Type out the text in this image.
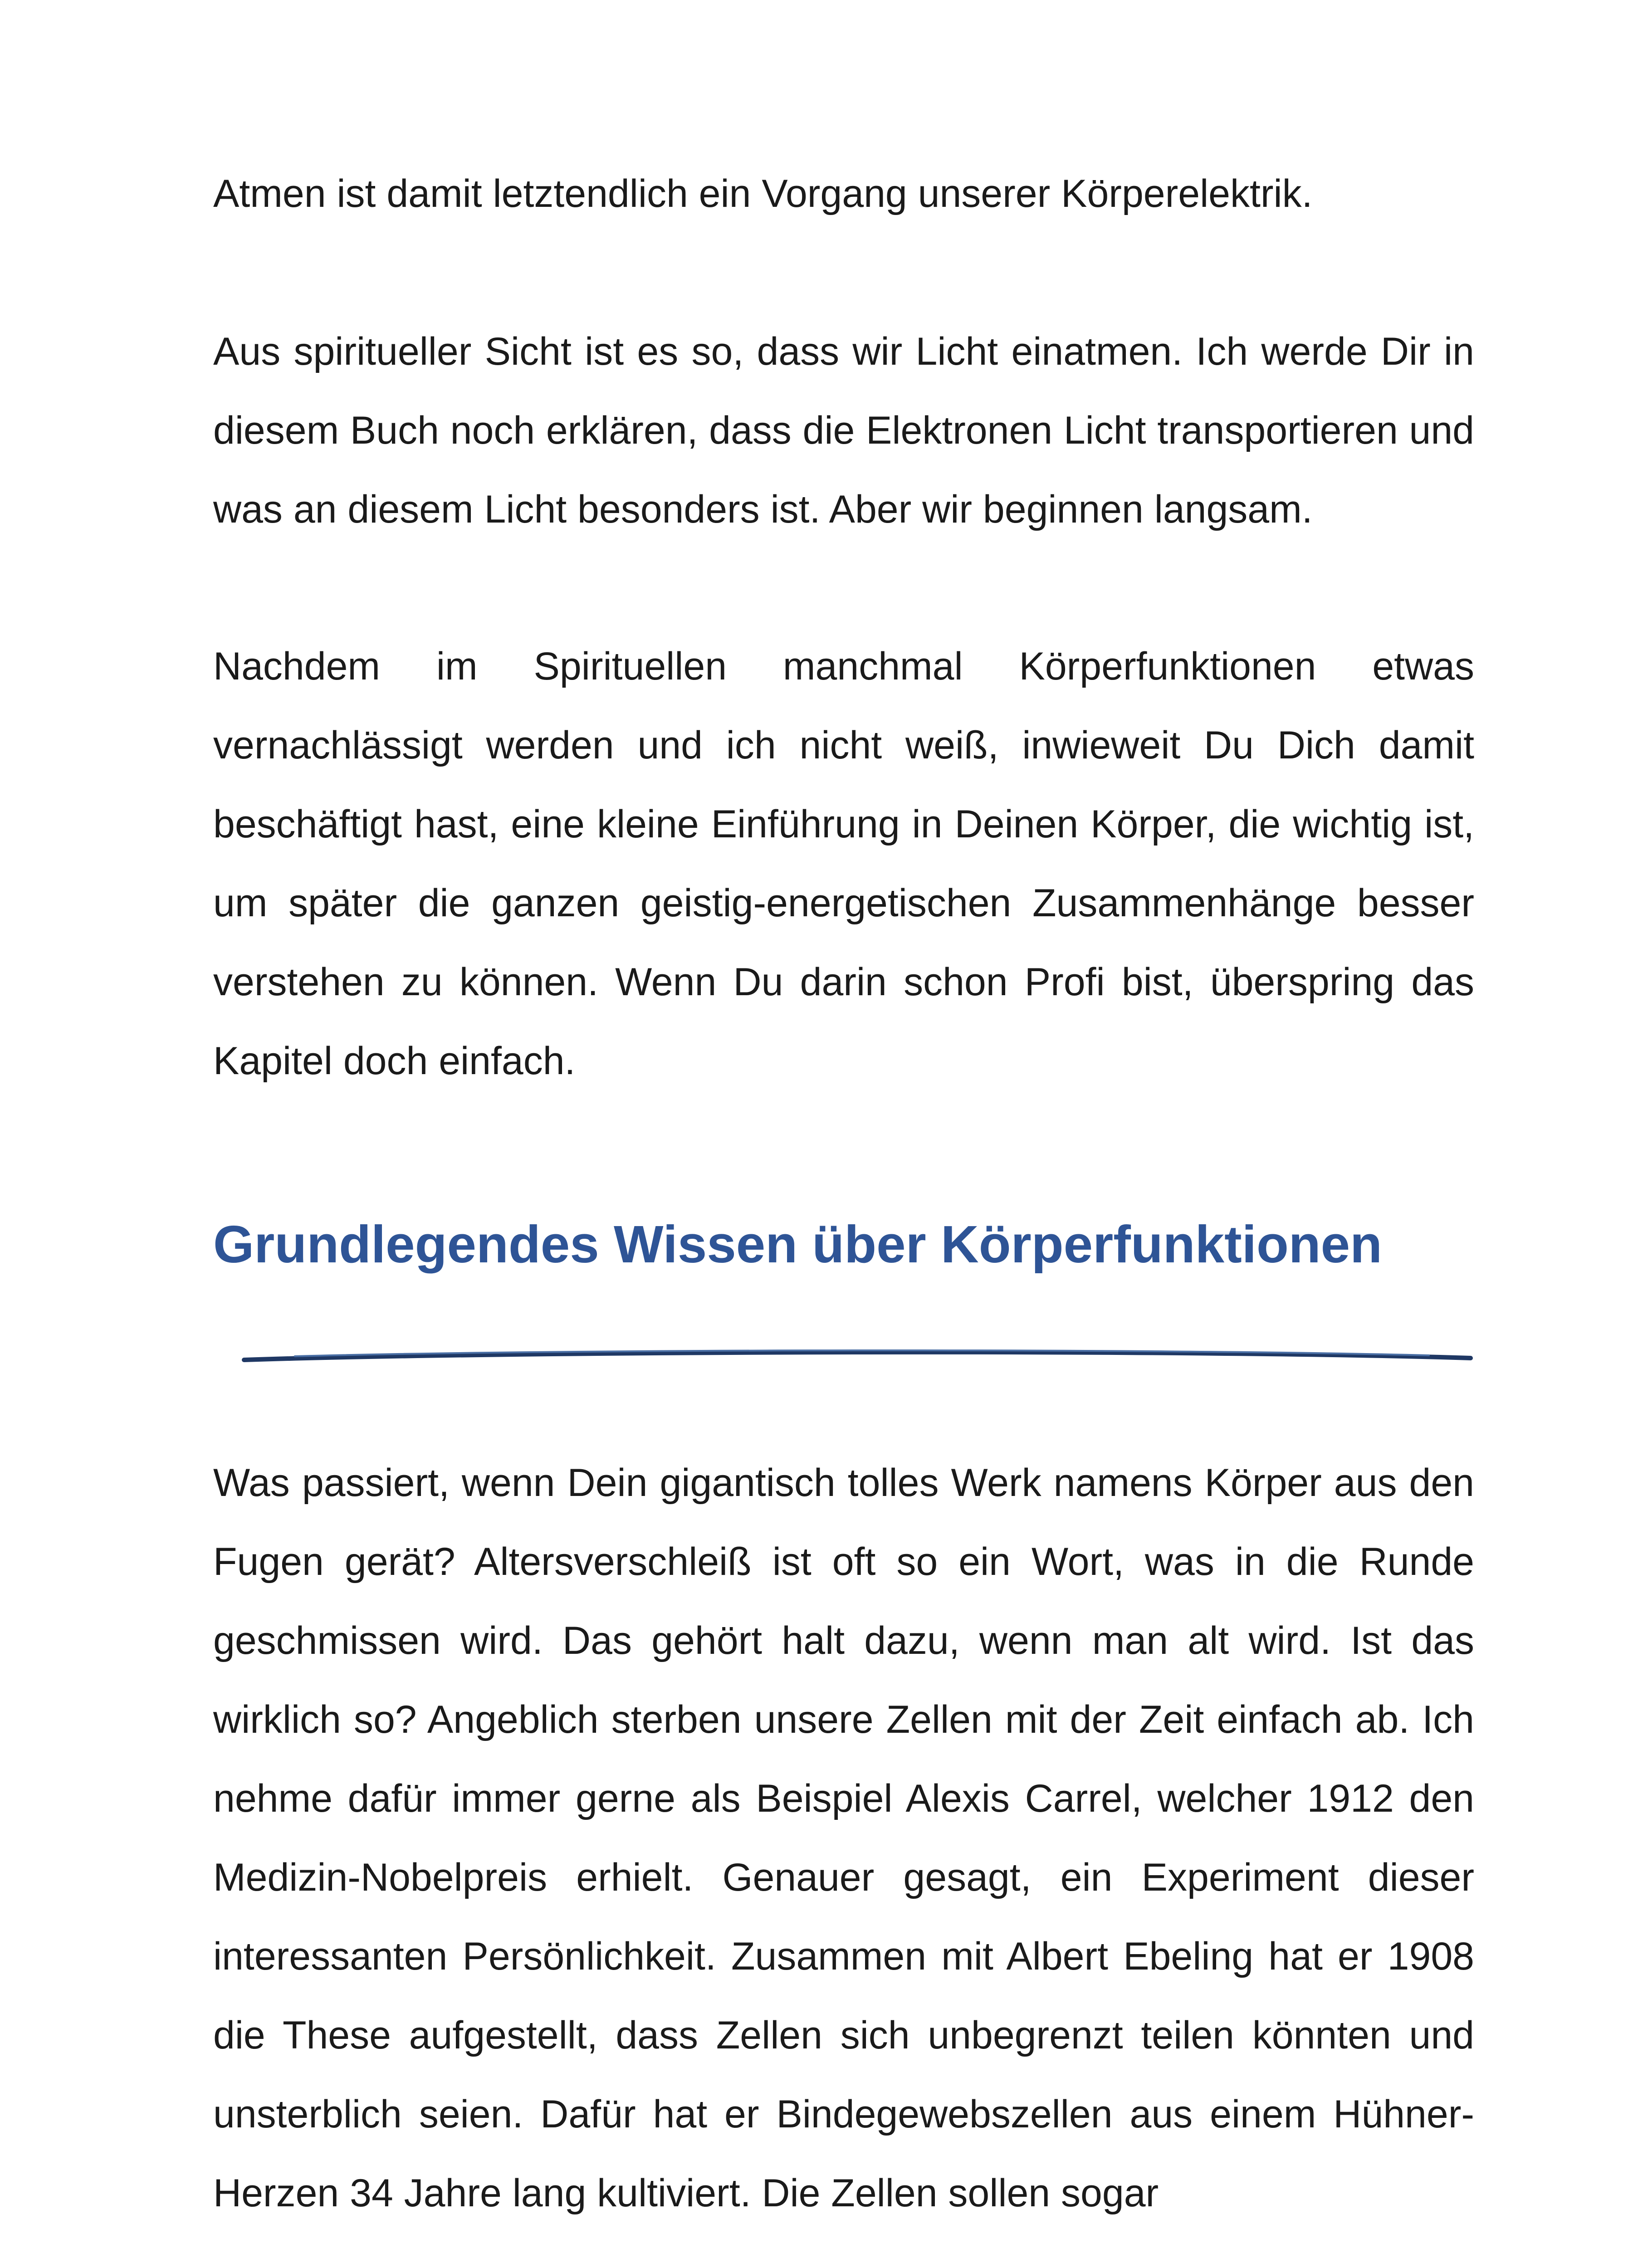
Atmen ist damit letztendlich ein Vorgang unserer Körperelektrik.

Aus spiritueller Sicht ist es so, dass wir Licht einatmen. Ich werde Dir in diesem Buch noch erklären, dass die Elektronen Licht transportieren und was an diesem Licht besonders ist. Aber wir beginnen langsam.

Nachdem im Spirituellen manchmal Körperfunktionen etwas vernachlässigt werden und ich nicht weiß, inwieweit Du Dich damit beschäftigt hast, eine kleine Einführung in Deinen Körper, die wichtig ist, um später die ganzen geistig-energetischen Zusammenhänge besser verstehen zu können. Wenn Du darin schon Profi bist, überspring das Kapitel doch einfach.

Grundlegendes Wissen über Körperfunktionen

Was passiert, wenn Dein gigantisch tolles Werk namens Körper aus den Fugen gerät? Altersverschleiß ist oft so ein Wort, was in die Runde geschmissen wird. Das gehört halt dazu, wenn man alt wird. Ist das wirklich so? Angeblich sterben unsere Zellen mit der Zeit einfach ab. Ich nehme dafür immer gerne als Beispiel Alexis Carrel, welcher 1912 den Medizin-Nobelpreis erhielt. Genauer gesagt, ein Experiment dieser interessanten Persönlichkeit. Zusammen mit Albert Ebeling hat er 1908 die These aufgestellt, dass Zellen sich unbegrenzt teilen könnten und unsterblich seien. Dafür hat er Bindegewebszellen aus einem Hühner-Herzen 34 Jahre lang kultiviert. Die Zellen sollen sogar
